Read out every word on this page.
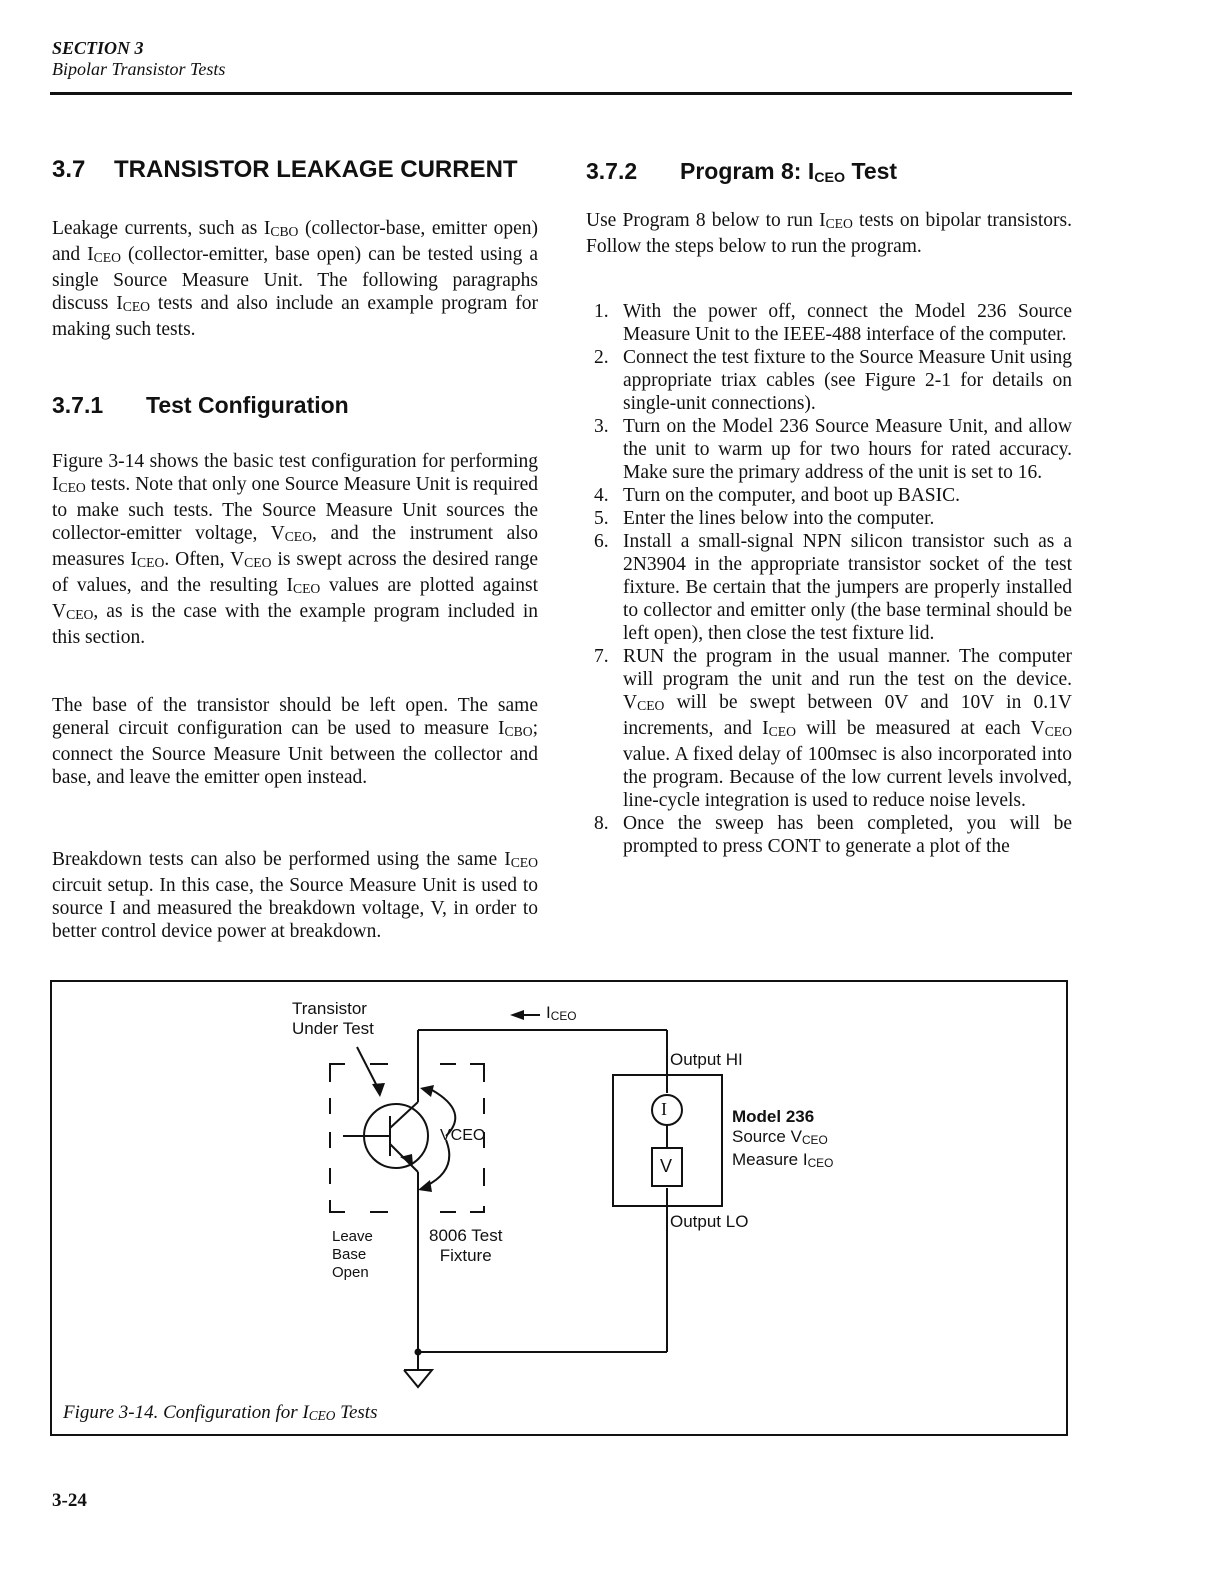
SECTION 3
Bipolar Transistor Tests
3.7 TRANSISTOR LEAKAGE CURRENT
Leakage currents, such as ICBO (collector-base, emitter open) and ICEO (collector-emitter, base open) can be tested using a single Source Measure Unit. The following paragraphs discuss ICEO tests and also include an example program for making such tests.
3.7.1 Test Configuration
Figure 3-14 shows the basic test configuration for performing ICEO tests. Note that only one Source Measure Unit is required to make such tests. The Source Measure Unit sources the collector-emitter voltage, VCEO, and the instrument also measures ICEO. Often, VCEO is swept across the desired range of values, and the resulting ICEO values are plotted against VCEO, as is the case with the example program included in this section.
The base of the transistor should be left open. The same general circuit configuration can be used to measure ICBO; connect the Source Measure Unit between the collector and base, and leave the emitter open instead.
Breakdown tests can also be performed using the same ICEO circuit setup. In this case, the Source Measure Unit is used to source I and measured the breakdown voltage, V, in order to better control device power at breakdown.
3.7.2 Program 8: ICEO Test
Use Program 8 below to run ICEO tests on bipolar transistors. Follow the steps below to run the program.
1. With the power off, connect the Model 236 Source Measure Unit to the IEEE-488 interface of the computer.
2. Connect the test fixture to the Source Measure Unit using appropriate triax cables (see Figure 2-1 for details on single-unit connections).
3. Turn on the Model 236 Source Measure Unit, and allow the unit to warm up for two hours for rated accuracy. Make sure the primary address of the unit is set to 16.
4. Turn on the computer, and boot up BASIC.
5. Enter the lines below into the computer.
6. Install a small-signal NPN silicon transistor such as a 2N3904 in the appropriate transistor socket of the test fixture. Be certain that the jumpers are properly installed to collector and emitter only (the base terminal should be left open), then close the test fixture lid.
7. RUN the program in the usual manner. The computer will program the unit and run the test on the device. VCEO will be swept between 0V and 10V in 0.1V increments, and ICEO will be measured at each VCEO value. A fixed delay of 100msec is also incorporated into the program. Because of the low current levels involved, line-cycle integration is used to reduce noise levels.
8. Once the sweep has been completed, you will be prompted to press CONT to generate a plot of the
Transistor
Under Test
ICEO
VCEO
Output HI
Output LO
I
V
Model 236
Source VCEO
Measure ICEO
Leave
Base
Open
8006 Test
Fixture
Figure 3-14. Configuration for ICEO Tests
3-24
